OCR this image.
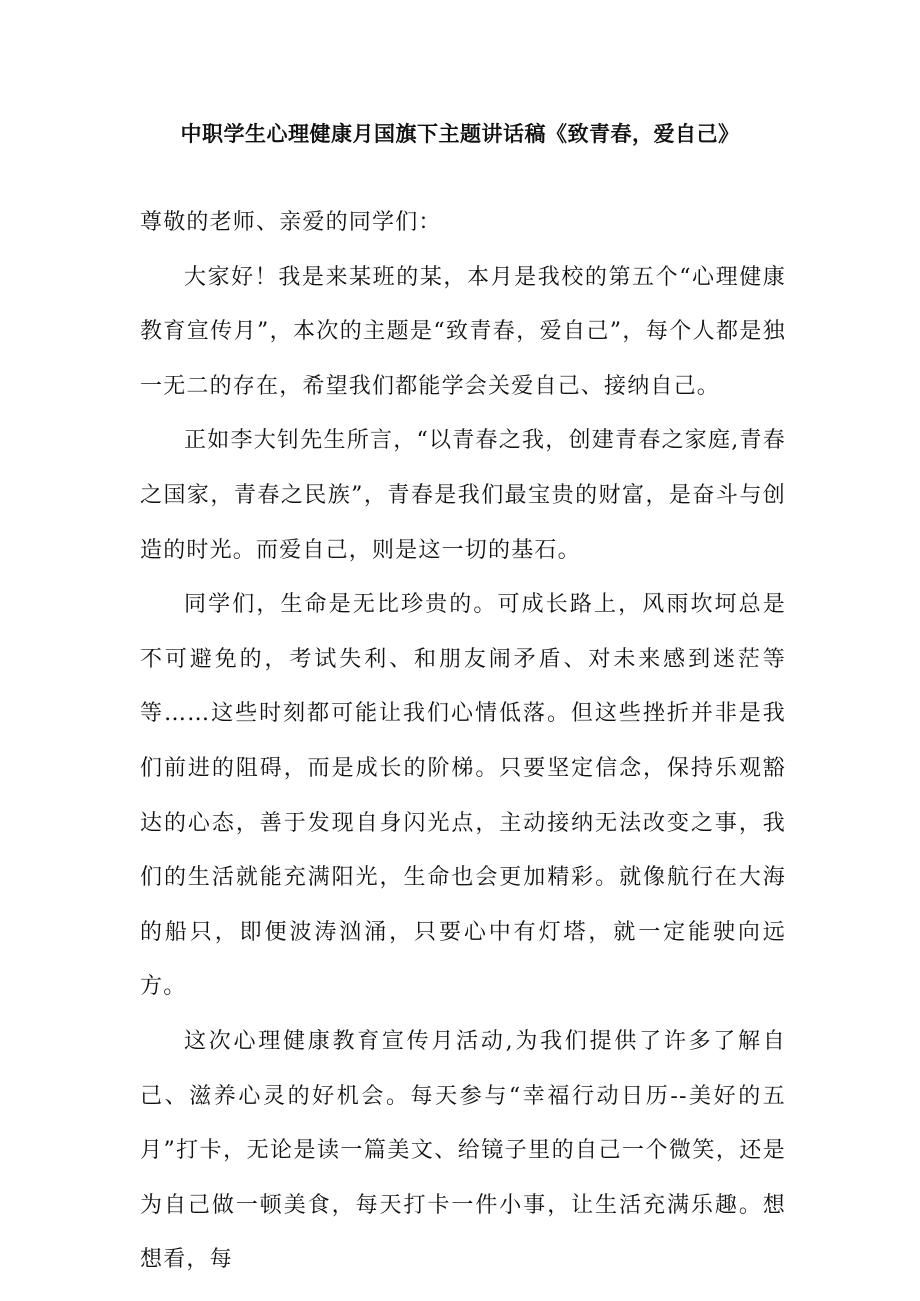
中职学生心理健康月国旗下主题讲话稿《致青春，爱自己》

尊敬的老师、亲爱的同学们：

大家好！我是来某班的某，本月是我校的第五个“心理健康教育宣传月”，本次的主题是“致青春，爱自己”，每个人都是独一无二的存在，希望我们都能学会关爱自己、接纳自己。

正如李大钊先生所言，“以青春之我，创建青春之家庭,青春之国家，青春之民族”，青春是我们最宝贵的财富，是奋斗与创造的时光。而爱自己，则是这一切的基石。

同学们，生命是无比珍贵的。可成长路上，风雨坎坷总是不可避免的，考试失利、和朋友闹矛盾、对未来感到迷茫等等……这些时刻都可能让我们心情低落。但这些挫折并非是我们前进的阻碍，而是成长的阶梯。只要坚定信念，保持乐观豁达的心态，善于发现自身闪光点，主动接纳无法改变之事，我们的生活就能充满阳光，生命也会更加精彩。就像航行在大海的船只，即便波涛汹涌，只要心中有灯塔，就一定能驶向远方。

这次心理健康教育宣传月活动,为我们提供了许多了解自己、滋养心灵的好机会。每天参与“幸福行动日历--美好的五月”打卡，无论是读一篇美文、给镜子里的自己一个微笑，还是为自己做一顿美食，每天打卡一件小事，让生活充满乐趣。想想看，每
